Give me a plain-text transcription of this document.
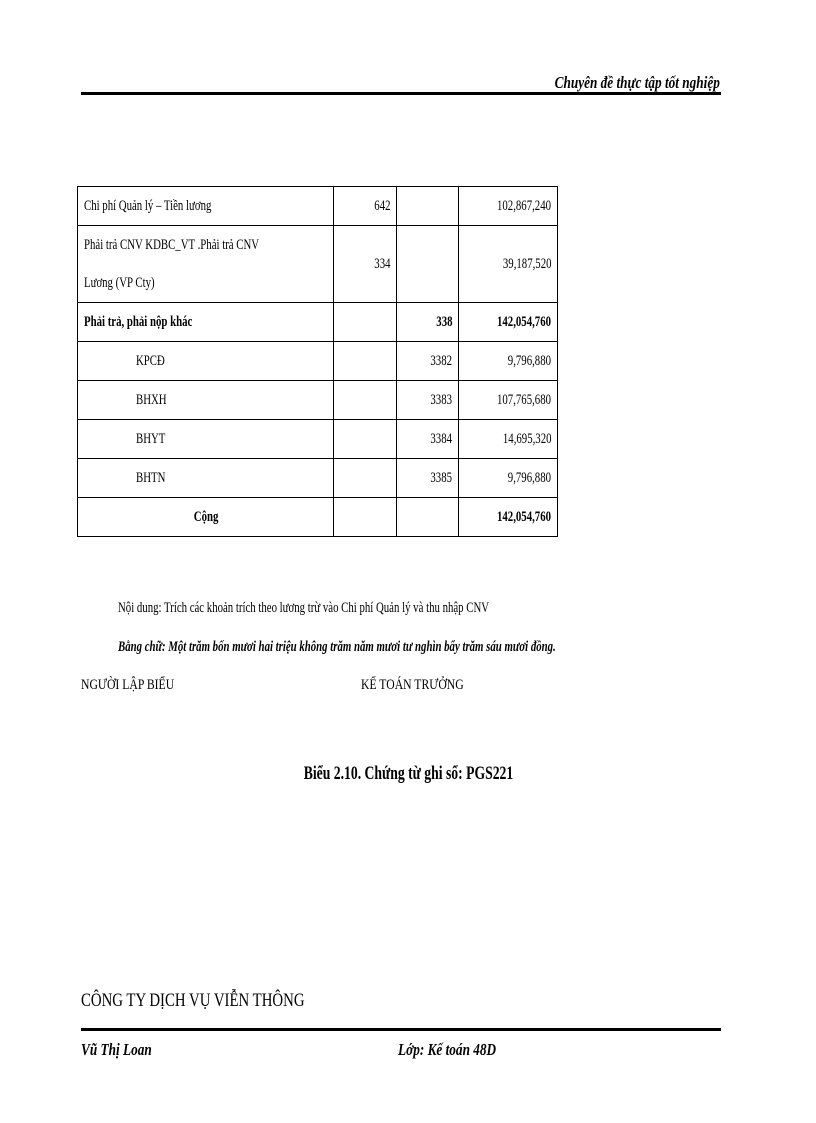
Chuyên đề thực tập tốt nghiệp
Chi phí Quản lý – Tiền lương	642		102,867,240

Phải trả CNV KDBC_VT .Phải trả CNV
Lương (VP Cty)	334		39,187,520
Phải trả, phải nộp khác		338	142,054,760
KPCĐ		3382	9,796,880
BHXH		3383	107,765,680
BHYT		3384	14,695,320
BHTN		3385	9,796,880
Cộng			142,054,760
Nội dung: Trích các khoản trích theo lương trừ vào Chi phí Quản lý và thu nhập CNV
Bằng chữ: Một trăm bốn mươi hai triệu không trăm năm mươi tư nghìn bẩy trăm sáu mươi đồng.
NGƯỜI LẬP BIỂU	KẾ TOÁN TRƯỞNG
Biểu 2.10. Chứng từ ghi sổ: PGS221
CÔNG TY DỊCH VỤ VIỄN THÔNG
Vũ Thị Loan	Lớp: Kế toán 48D
